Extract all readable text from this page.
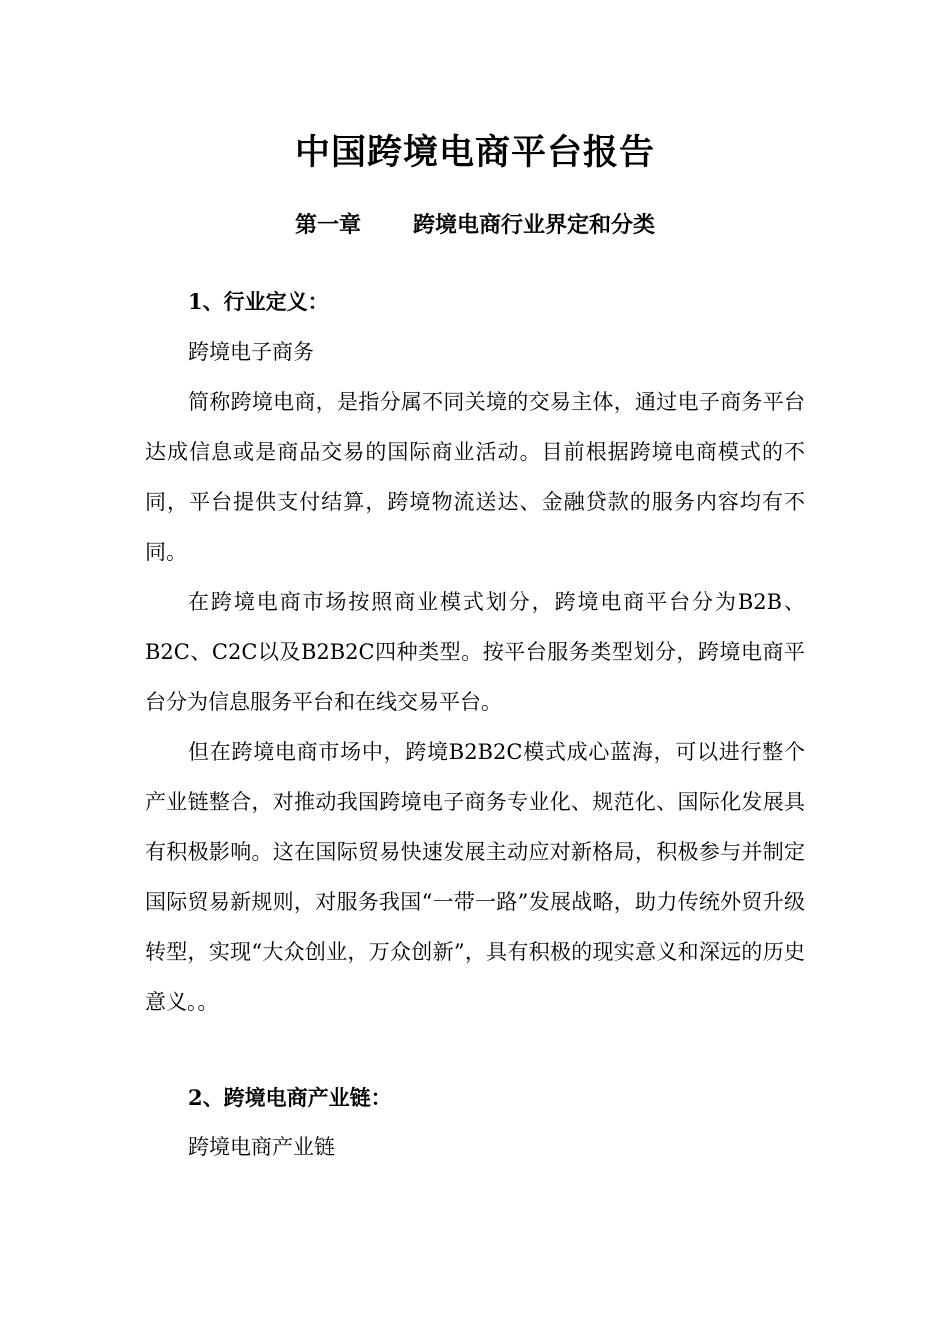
中国跨境电商平台报告
第一章 跨境电商行业界定和分类
1、行业定义：

跨境电子商务

简称跨境电商，是指分属不同关境的交易主体，通过电子商务平台达成信息或是商品交易的国际商业活动。目前根据跨境电商模式的不同，平台提供支付结算，跨境物流送达、金融贷款的服务内容均有不同。

在跨境电商市场按照商业模式划分，跨境电商平台分为B2B、B2C、C2C以及B2B2C四种类型。按平台服务类型划分，跨境电商平台分为信息服务平台和在线交易平台。

但在跨境电商市场中，跨境B2B2C模式成心蓝海，可以进行整个产业链整合，对推动我国跨境电子商务专业化、规范化、国际化发展具有积极影响。这在国际贸易快速发展主动应对新格局，积极参与并制定国际贸易新规则，对服务我国“一带一路”发展战略，助力传统外贸升级转型，实现“大众创业，万众创新”，具有积极的现实意义和深远的历史意义。。

2、跨境电商产业链：

跨境电商产业链
